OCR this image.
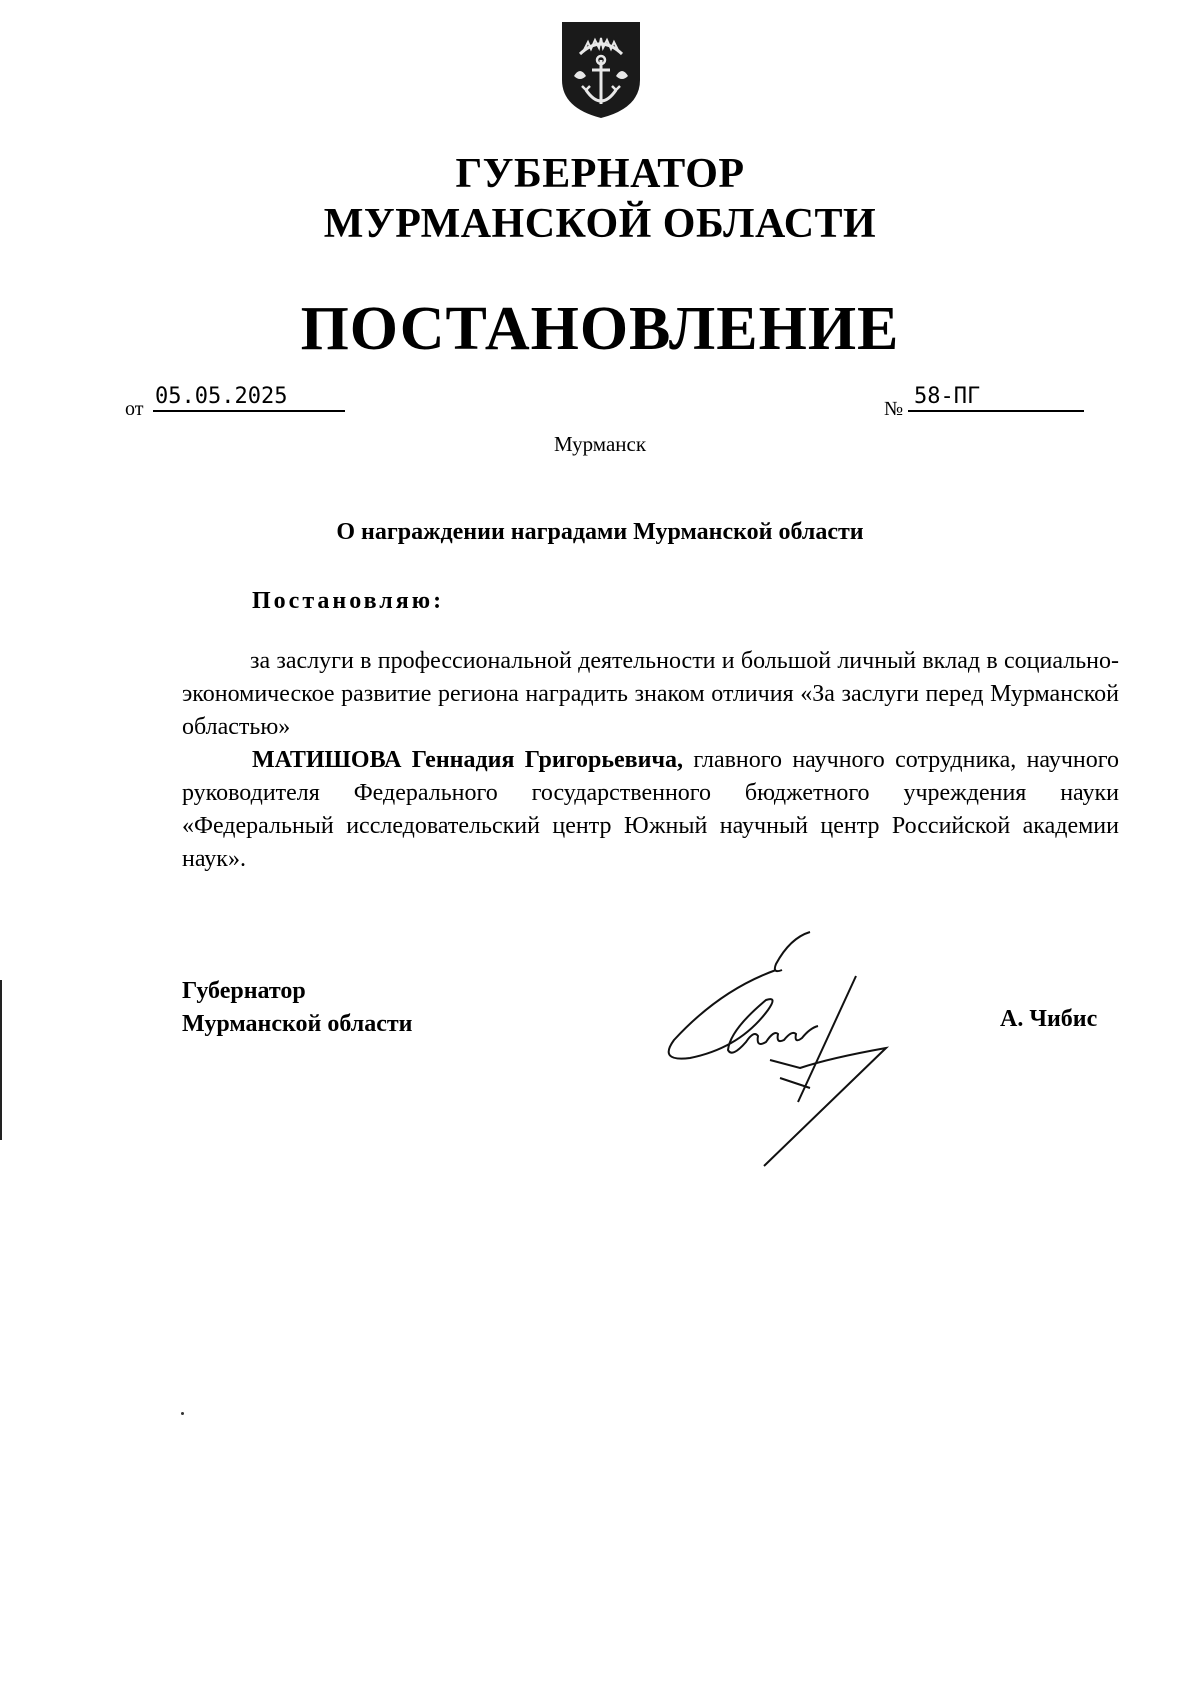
ГУБЕРНАТОР
МУРМАНСКОЙ ОБЛАСТИ
ПОСТАНОВЛЕНИЕ
от 05.05.2025	№ 58-ПГ
Мурманск
О награждении наградами Мурманской области
Постановляю:

за заслуги в профессиональной деятельности и большой личный вклад в социально-экономическое развитие региона наградить знаком отличия «За заслуги перед Мурманской областью»

МАТИШОВА Геннадия Григорьевича, главного научного сотрудника, научного руководителя Федерального государственного бюджетного учреждения науки «Федеральный исследовательский центр Южный научный центр Российской академии наук».

Губернатор
Мурманской области	А. Чибис
